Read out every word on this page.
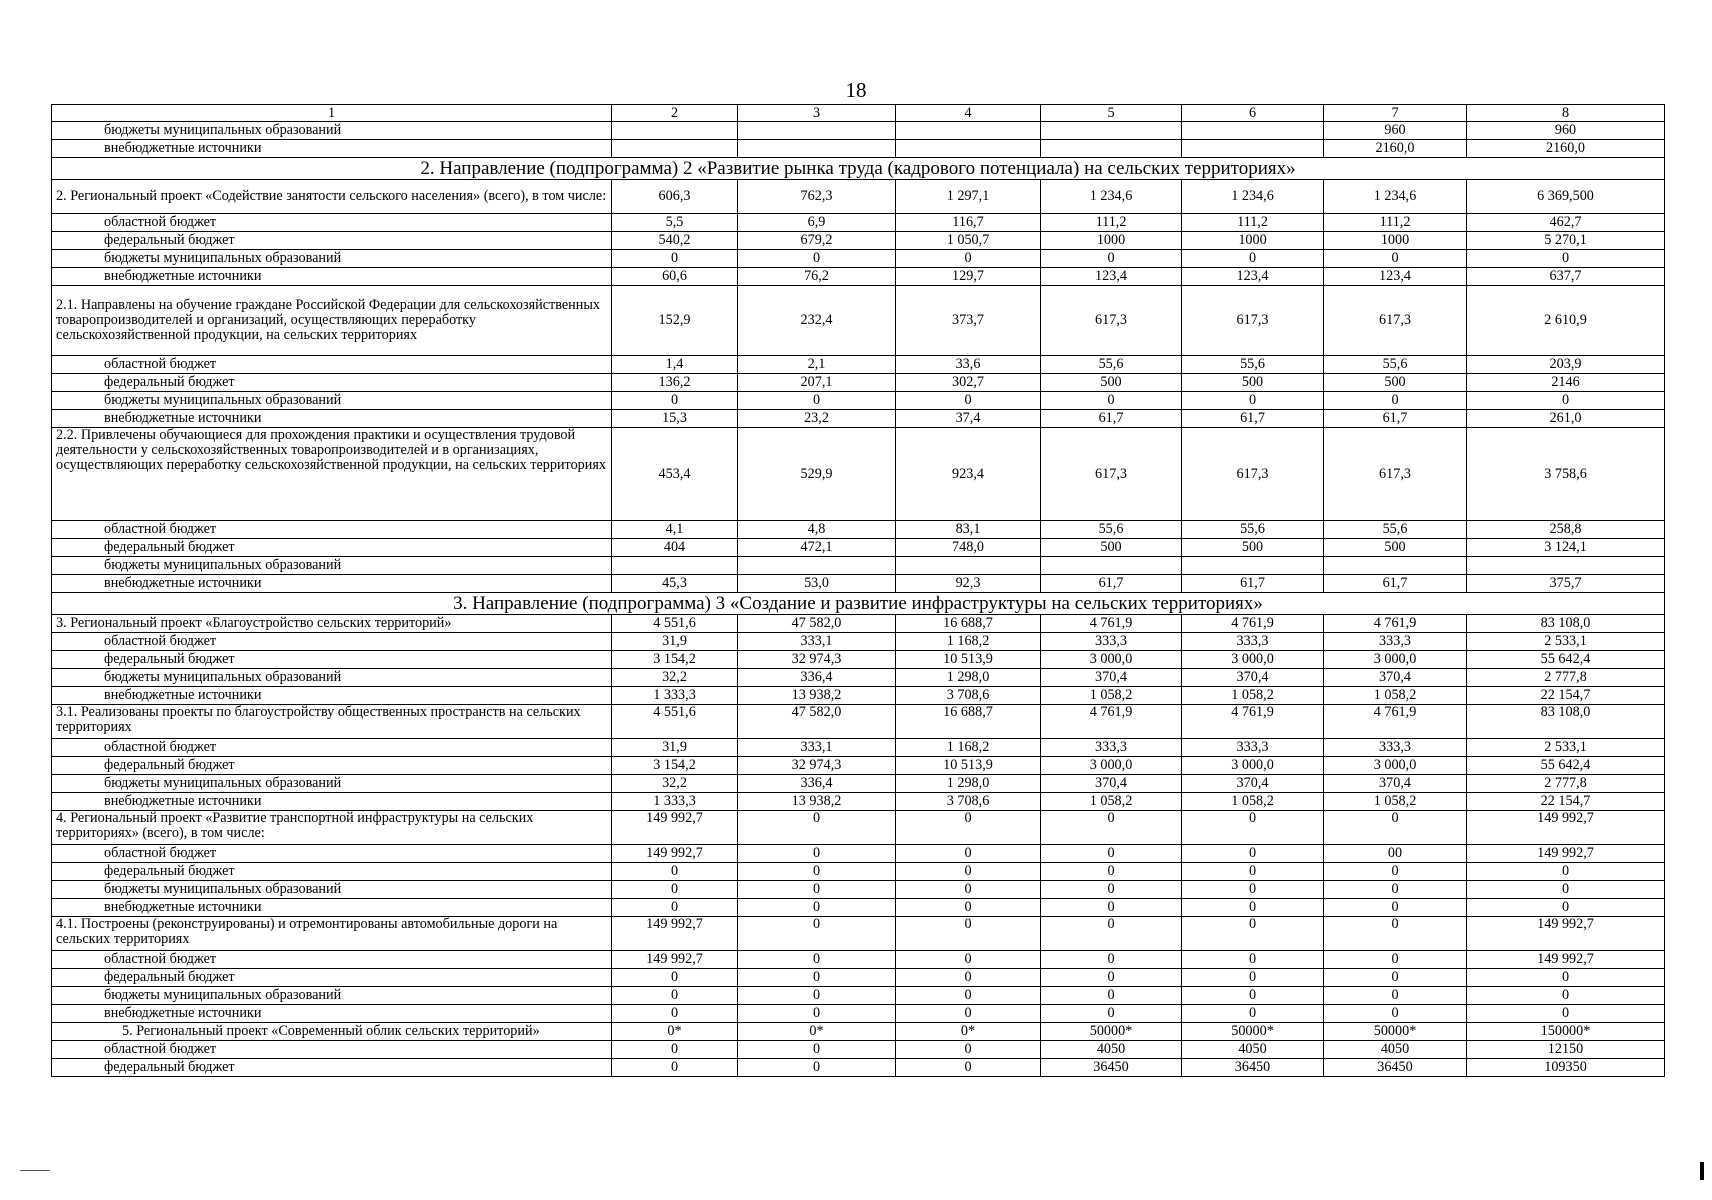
18
1	2	3	4	5	6	7	8
бюджеты муниципальных образований						960	960
внебюджетные источники						2160,0	2160,0
2. Направление (подпрограмма) 2 «Развитие рынка труда (кадрового потенциала) на сельских территориях»							
2. Региональный проект «Содействие занятости сельского населения» (всего), в том числе:	606,3	762,3	1 297,1	1 234,6	1 234,6	1 234,6	6 369,500
областной бюджет	5,5	6,9	116,7	111,2	111,2	111,2	462,7
федеральный бюджет	540,2	679,2	1 050,7	1000	1000	1000	5 270,1
бюджеты муниципальных образований	0	0	0	0	0	0	0
внебюджетные источники	60,6	76,2	129,7	123,4	123,4	123,4	637,7
2.1. Направлены на обучение граждане Российской Федерации для сельскохозяйственных товаропроизводителей и организаций, осуществляющих переработку сельскохозяйственной продукции, на сельских территориях	152,9	232,4	373,7	617,3	617,3	617,3	2 610,9
областной бюджет	1,4	2,1	33,6	55,6	55,6	55,6	203,9
федеральный бюджет	136,2	207,1	302,7	500	500	500	2146
бюджеты муниципальных образований	0	0	0	0	0	0	0
внебюджетные источники	15,3	23,2	37,4	61,7	61,7	61,7	261,0
2.2. Привлечены обучающиеся для прохождения практики и осуществления трудовой деятельности у сельскохозяйственных товаропроизводителей и в организациях, осуществляющих переработку сельскохозяйственной продукции, на сельских территориях	453,4	529,9	923,4	617,3	617,3	617,3	3 758,6
областной бюджет	4,1	4,8	83,1	55,6	55,6	55,6	258,8
федеральный бюджет	404	472,1	748,0	500	500	500	3 124,1
бюджеты муниципальных образований							
внебюджетные источники	45,3	53,0	92,3	61,7	61,7	61,7	375,7
3. Направление (подпрограмма) 3 «Создание и развитие инфраструктуры на сельских территориях»							
3. Региональный проект «Благоустройство сельских территорий»	4 551,6	47 582,0	16 688,7	4 761,9	4 761,9	4 761,9	83 108,0
областной бюджет	31,9	333,1	1 168,2	333,3	333,3	333,3	2 533,1
федеральный бюджет	3 154,2	32 974,3	10 513,9	3 000,0	3 000,0	3 000,0	55 642,4
бюджеты муниципальных образований	32,2	336,4	1 298,0	370,4	370,4	370,4	2 777,8
внебюджетные источники	1 333,3	13 938,2	3 708,6	1 058,2	1 058,2	1 058,2	22 154,7
3.1. Реализованы проекты по благоустройству общественных пространств на сельских территориях	4 551,6	47 582,0	16 688,7	4 761,9	4 761,9	4 761,9	83 108,0
областной бюджет	31,9	333,1	1 168,2	333,3	333,3	333,3	2 533,1
федеральный бюджет	3 154,2	32 974,3	10 513,9	3 000,0	3 000,0	3 000,0	55 642,4
бюджеты муниципальных образований	32,2	336,4	1 298,0	370,4	370,4	370,4	2 777,8
внебюджетные источники	1 333,3	13 938,2	3 708,6	1 058,2	1 058,2	1 058,2	22 154,7
4. Региональный проект «Развитие транспортной инфраструктуры на сельских территориях» (всего), в том числе:	149 992,7	0	0	0	0	0	149 992,7
областной бюджет	149 992,7	0	0	0	0	00	149 992,7
федеральный бюджет	0	0	0	0	0	0	0
бюджеты муниципальных образований	0	0	0	0	0	0	0
внебюджетные источники	0	0	0	0	0	0	0
4.1. Построены (реконструированы) и отремонтированы автомобильные дороги на сельских территориях	149 992,7	0	0	0	0	0	149 992,7
областной бюджет	149 992,7	0	0	0	0	0	149 992,7
федеральный бюджет	0	0	0	0	0	0	0
бюджеты муниципальных образований	0	0	0	0	0	0	0
внебюджетные источники	0	0	0	0	0	0	0
5. Региональный проект «Современный облик сельских территорий»	0*	0*	0*	50000*	50000*	50000*	150000*
областной бюджет	0	0	0	4050	4050	4050	12150
федеральный бюджет	0	0	0	36450	36450	36450	109350
